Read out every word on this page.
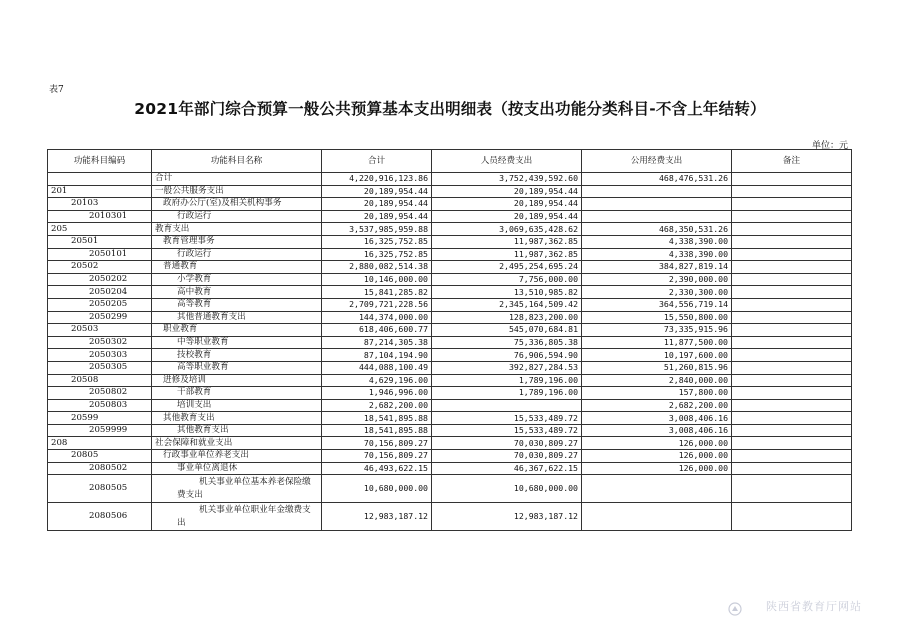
表7
2021年部门综合预算一般公共预算基本支出明细表（按支出功能分类科目-不含上年结转）
单位：元
功能科目编码	功能科目名称	合计	人员经费支出	公用经费支出	备注
	合计	4,220,916,123.86	3,752,439,592.60	468,476,531.26	
201	一般公共服务支出	20,189,954.44	20,189,954.44		
20103	政府办公厅(室)及相关机构事务	20,189,954.44	20,189,954.44		
2010301	行政运行	20,189,954.44	20,189,954.44		
205	教育支出	3,537,985,959.88	3,069,635,428.62	468,350,531.26	
20501	教育管理事务	16,325,752.85	11,987,362.85	4,338,390.00	
2050101	行政运行	16,325,752.85	11,987,362.85	4,338,390.00	
20502	普通教育	2,880,082,514.38	2,495,254,695.24	384,827,819.14	
2050202	小学教育	10,146,000.00	7,756,000.00	2,390,000.00	
2050204	高中教育	15,841,285.82	13,510,985.82	2,330,300.00	
2050205	高等教育	2,709,721,228.56	2,345,164,509.42	364,556,719.14	
2050299	其他普通教育支出	144,374,000.00	128,823,200.00	15,550,800.00	
20503	职业教育	618,406,600.77	545,070,684.81	73,335,915.96	
2050302	中等职业教育	87,214,305.38	75,336,805.38	11,877,500.00	
2050303	技校教育	87,104,194.90	76,906,594.90	10,197,600.00	
2050305	高等职业教育	444,088,100.49	392,827,284.53	51,260,815.96	
20508	进修及培训	4,629,196.00	1,789,196.00	2,840,000.00	
2050802	干部教育	1,946,996.00	1,789,196.00	157,800.00	
2050803	培训支出	2,682,200.00		2,682,200.00	
20599	其他教育支出	18,541,895.88	15,533,489.72	3,008,406.16	
2059999	其他教育支出	18,541,895.88	15,533,489.72	3,008,406.16	
208	社会保障和就业支出	70,156,809.27	70,030,809.27	126,000.00	
20805	行政事业单位养老支出	70,156,809.27	70,030,809.27	126,000.00	
2080502	事业单位离退休	46,493,622.15	46,367,622.15	126,000.00	
2080505	机关事业单位基本养老保险缴费支出	10,680,000.00	10,680,000.00		
2080506	机关事业单位职业年金缴费支出	12,983,187.12	12,983,187.12		
陕西省教育厅网站
